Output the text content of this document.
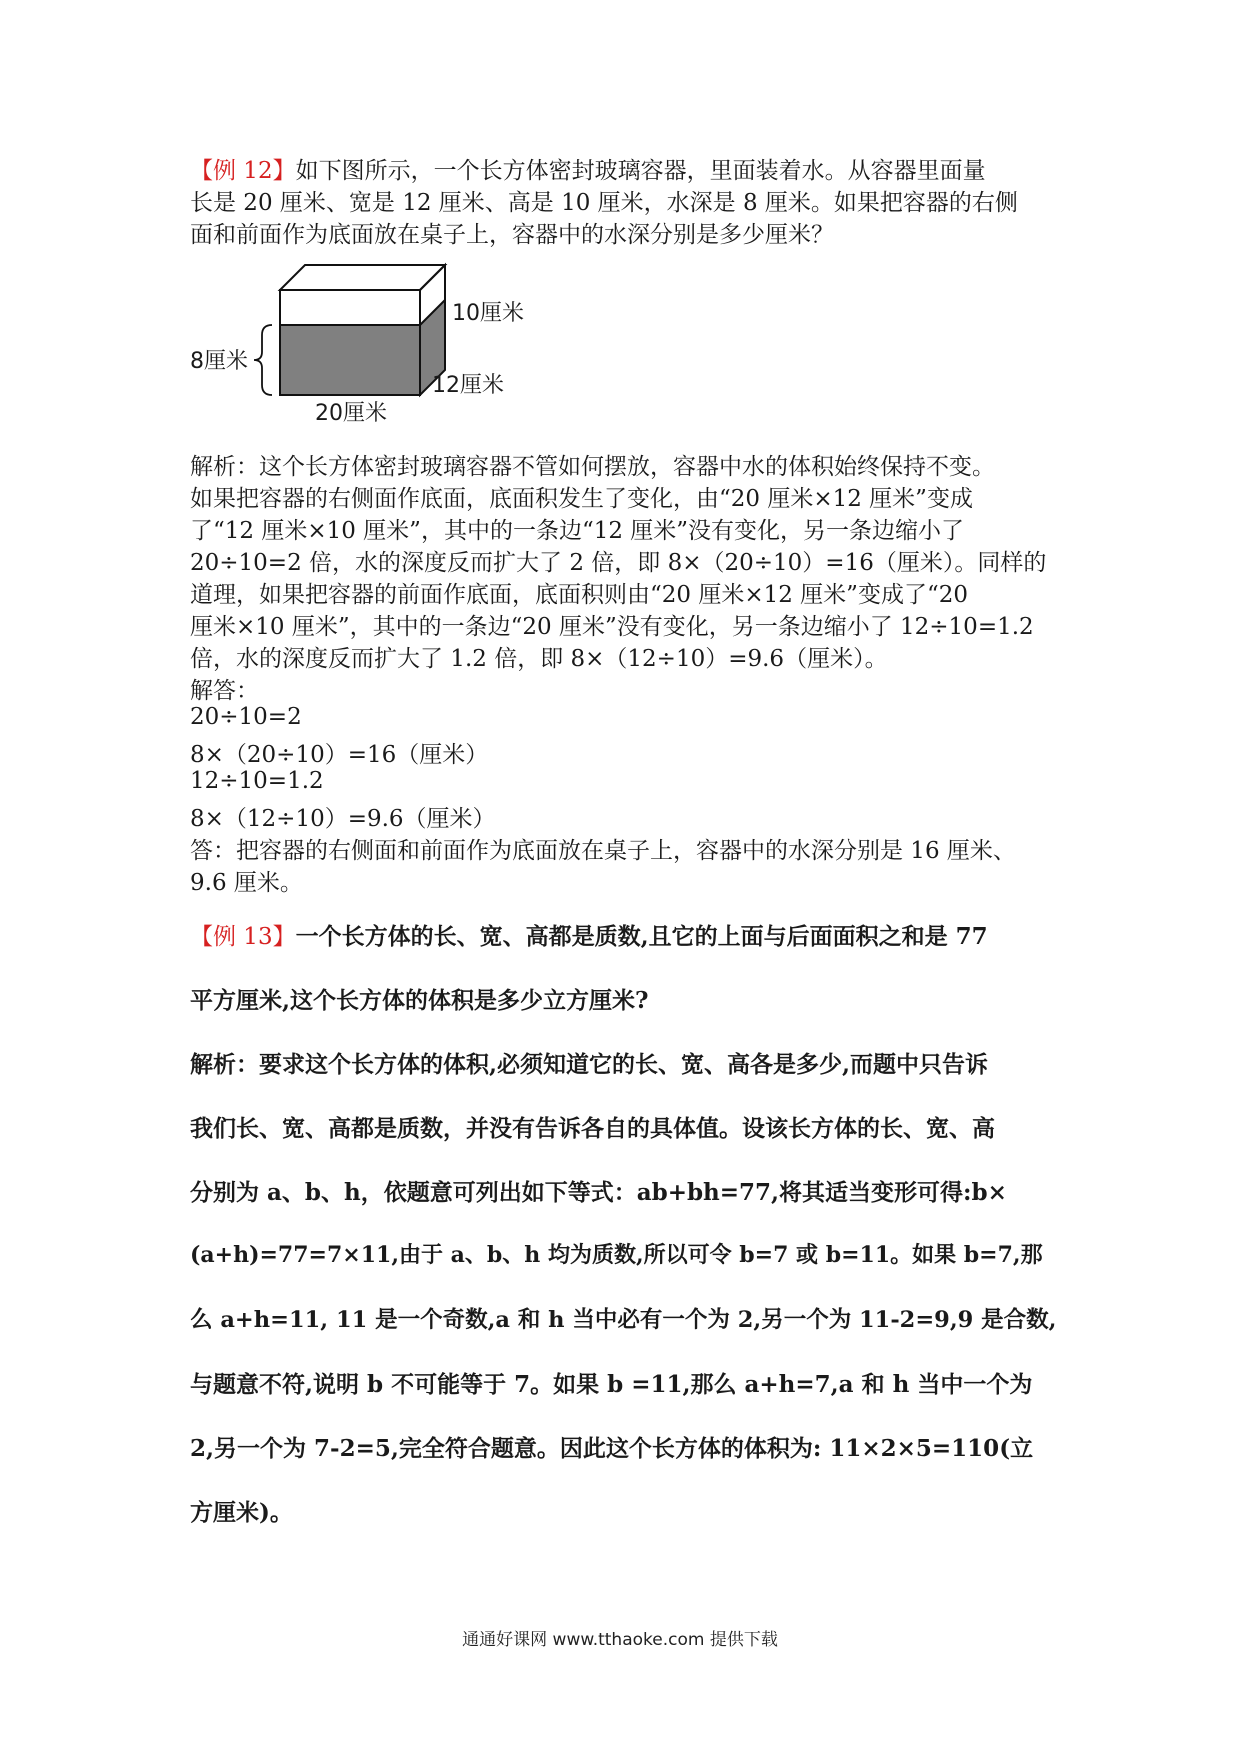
【例 12】如下图所示，一个长方体密封玻璃容器，里面装着水。从容器里面量
长是 20 厘米、宽是 12 厘米、高是 10 厘米，水深是 8 厘米。如果把容器的右侧
面和前面作为底面放在桌子上，容器中的水深分别是多少厘米？
8厘米
10厘米
12厘米
20厘米
解析：这个长方体密封玻璃容器不管如何摆放，容器中水的体积始终保持不变。
如果把容器的右侧面作底面，底面积发生了变化，由“20 厘米×12 厘米”变成
了“12 厘米×10 厘米”，其中的一条边“12 厘米”没有变化，另一条边缩小了
20÷10=2 倍，水的深度反而扩大了 2 倍，即 8×（20÷10）=16（厘米）。同样的
道理，如果把容器的前面作底面，底面积则由“20 厘米×12 厘米”变成了“20
厘米×10 厘米”，其中的一条边“20 厘米”没有变化，另一条边缩小了 12÷10=1.2
倍，水的深度反而扩大了 1.2 倍，即 8×（12÷10）=9.6（厘米）。
解答：
20÷10=2
8×（20÷10）=16（厘米）
12÷10=1.2
8×（12÷10）=9.6（厘米）
答：把容器的右侧面和前面作为底面放在桌子上，容器中的水深分别是 16 厘米、
9.6 厘米。
【例 13】一个长方体的长、宽、高都是质数,且它的上面与后面面积之和是 77
平方厘米,这个长方体的体积是多少立方厘米?
解析：要求这个长方体的体积,必须知道它的长、宽、高各是多少,而题中只告诉
我们长、宽、高都是质数，并没有告诉各自的具体值。设该长方体的长、宽、高
分别为 a、b、h，依题意可列出如下等式：ab+bh=77,将其适当变形可得:b×
(a+h)=77=7×11,由于 a、b、h 均为质数,所以可令 b=7 或 b=11。如果 b=7,那
么 a+h=11, 11 是一个奇数,a 和 h 当中必有一个为 2,另一个为 11-2=9,9 是合数,
与题意不符,说明 b 不可能等于 7。如果 b =11,那么 a+h=7,a 和 h 当中一个为
2,另一个为 7-2=5,完全符合题意。因此这个长方体的体积为: 11×2×5=110(立
方厘米)。
通通好课网 www.tthaoke.com 提供下载
